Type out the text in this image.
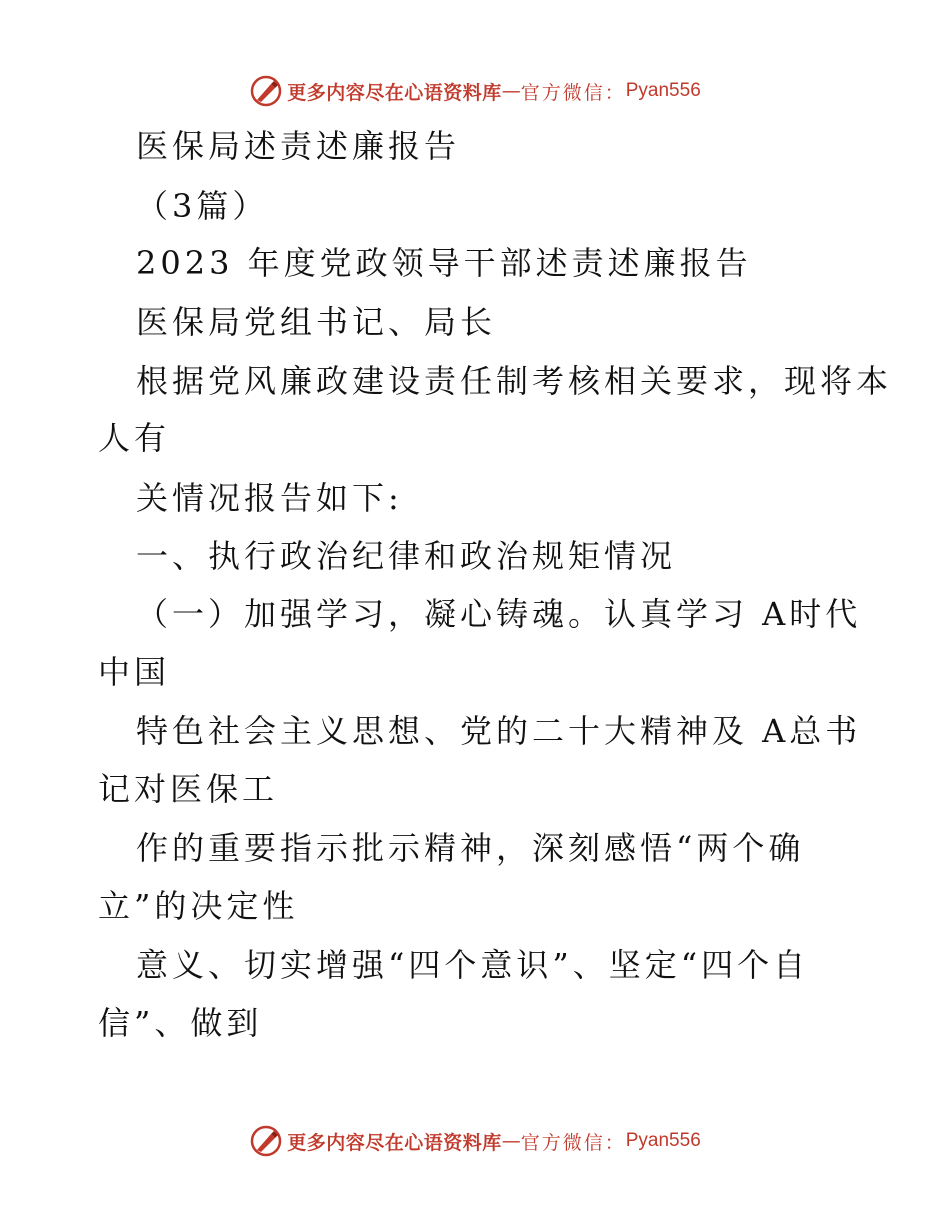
更多内容尽在心语资料库 — 官方微信： Pyan556
医保局述责述廉报告
（3篇）
2023 年度党政领导干部述责述廉报告
医保局党组书记、局长
根据党风廉政建设责任制考核相关要求，现将本
人有
关情况报告如下:
一、执行政治纪律和政治规矩情况
（一）加强学习，凝心铸魂。认真学习 A时代
中国
特色社会主义思想、党的二十大精神及 A总书
记对医保工
作的重要指示批示精神，深刻感悟“两个确
立”的决定性
意义、切实增强“四个意识”、坚定“四个自
信”、做到
更多内容尽在心语资料库 — 官方微信： Pyan556
